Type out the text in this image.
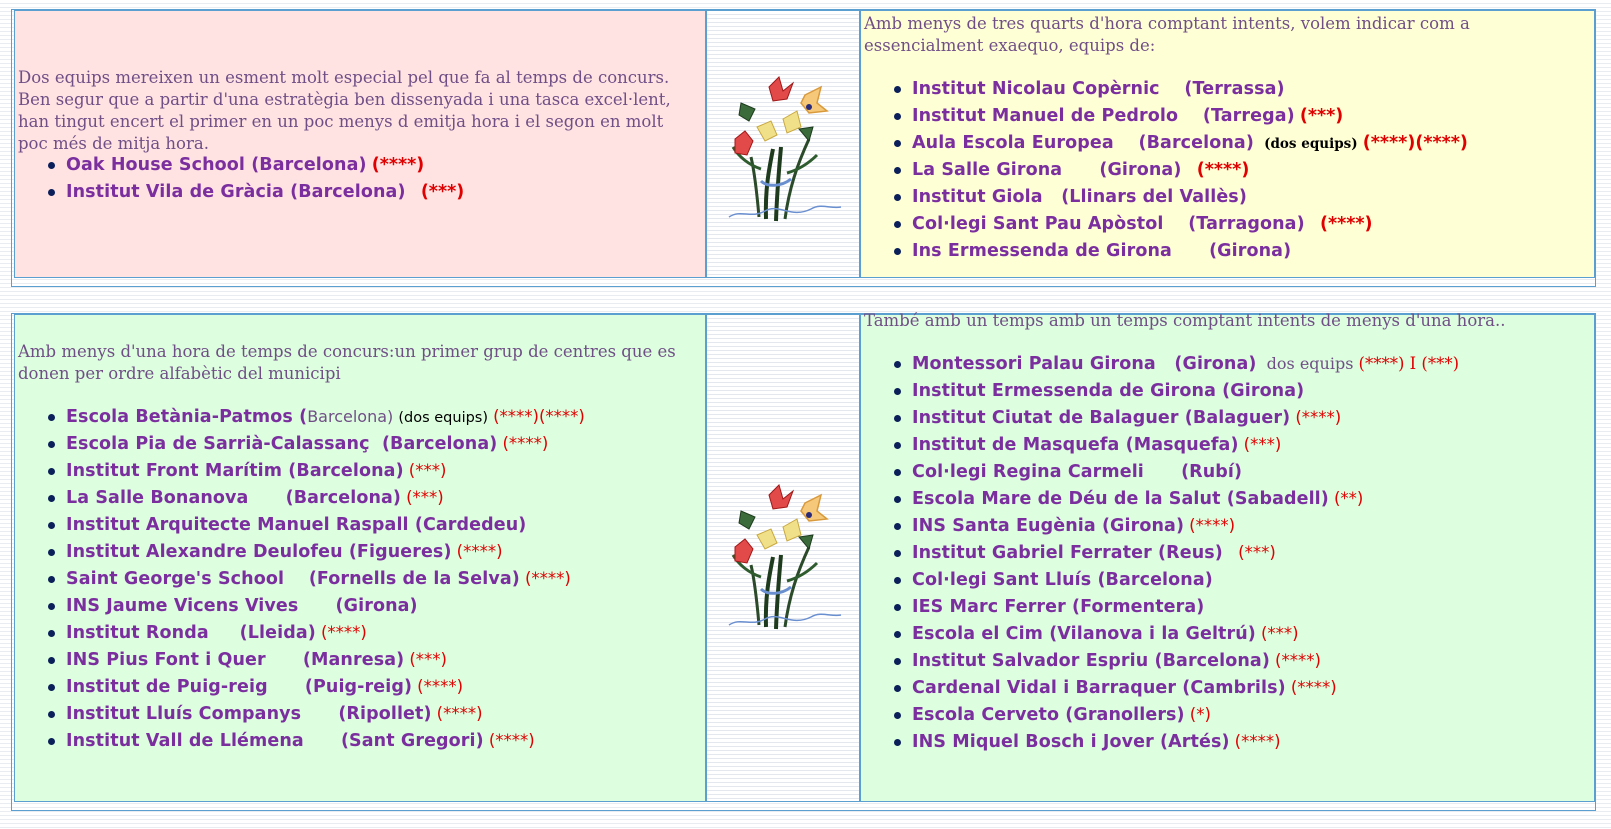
Dos equips mereixen un esment molt especial pel que fa al temps de concurs. Ben segur que a partir d'una estratègia ben dissenyada i una tasca excel·lent, han tingut encert el primer en un poc menys d emitja hora i el segon en molt poc més de mitja hora.

Oak House School (Barcelona) (****)
Institut Vila de Gràcia (Barcelona) (***)

Amb menys de tres quarts d'hora comptant intents, volem indicar com a essencialment exaequo, equips de:

Institut Nicolau Copèrnic    (Terrassa)
Institut Manuel de Pedrolo    (Tarrega) (***)
Aula Escola Europea    (Barcelona) (dos equips) (****)(****)
La Salle Girona      (Girona) (****)
Institut Giola   (Llinars del Vallès)
Col·legi Sant Pau Apòstol    (Tarragona) (****)
Ins Ermessenda de Girona      (Girona)

Amb menys d'una hora de temps de concurs:un primer grup de centres que es donen per ordre alfabètic del municipi

Escola Betània-Patmos (Barcelona) (dos equips) (****)(****)
Escola Pia de Sarrià-Calassanç  (Barcelona) (****)
Institut Front Marítim (Barcelona) (***)
La Salle Bonanova      (Barcelona) (***)
Institut Arquitecte Manuel Raspall (Cardedeu)
Institut Alexandre Deulofeu (Figueres) (****)
Saint George's School    (Fornells de la Selva) (****)
INS Jaume Vicens Vives      (Girona)
Institut Ronda     (Lleida) (****)
INS Pius Font i Quer      (Manresa) (***)
Institut de Puig-reig      (Puig-reig) (****)
Institut Lluís Companys      (Ripollet) (****)
Institut Vall de Llémena      (Sant Gregori) (****)

També amb un temps amb un temps comptant intents de menys d'una hora..

Montessori Palau Girona   (Girona) dos equips (****) I (***)
Institut Ermessenda de Girona (Girona)
Institut Ciutat de Balaguer (Balaguer) (****)
Institut de Masquefa (Masquefa) (***)
Col·legi Regina Carmeli      (Rubí)
Escola Mare de Déu de la Salut (Sabadell) (**)
INS Santa Eugènia (Girona) (****)
Institut Gabriel Ferrater (Reus) (***)
Col·legi Sant Lluís (Barcelona)
IES Marc Ferrer (Formentera)
Escola el Cim (Vilanova i la Geltrú) (***)
Institut Salvador Espriu (Barcelona) (****)
Cardenal Vidal i Barraquer (Cambrils) (****)
Escola Cerveto (Granollers) (*)
INS Miquel Bosch i Jover (Artés) (****)
